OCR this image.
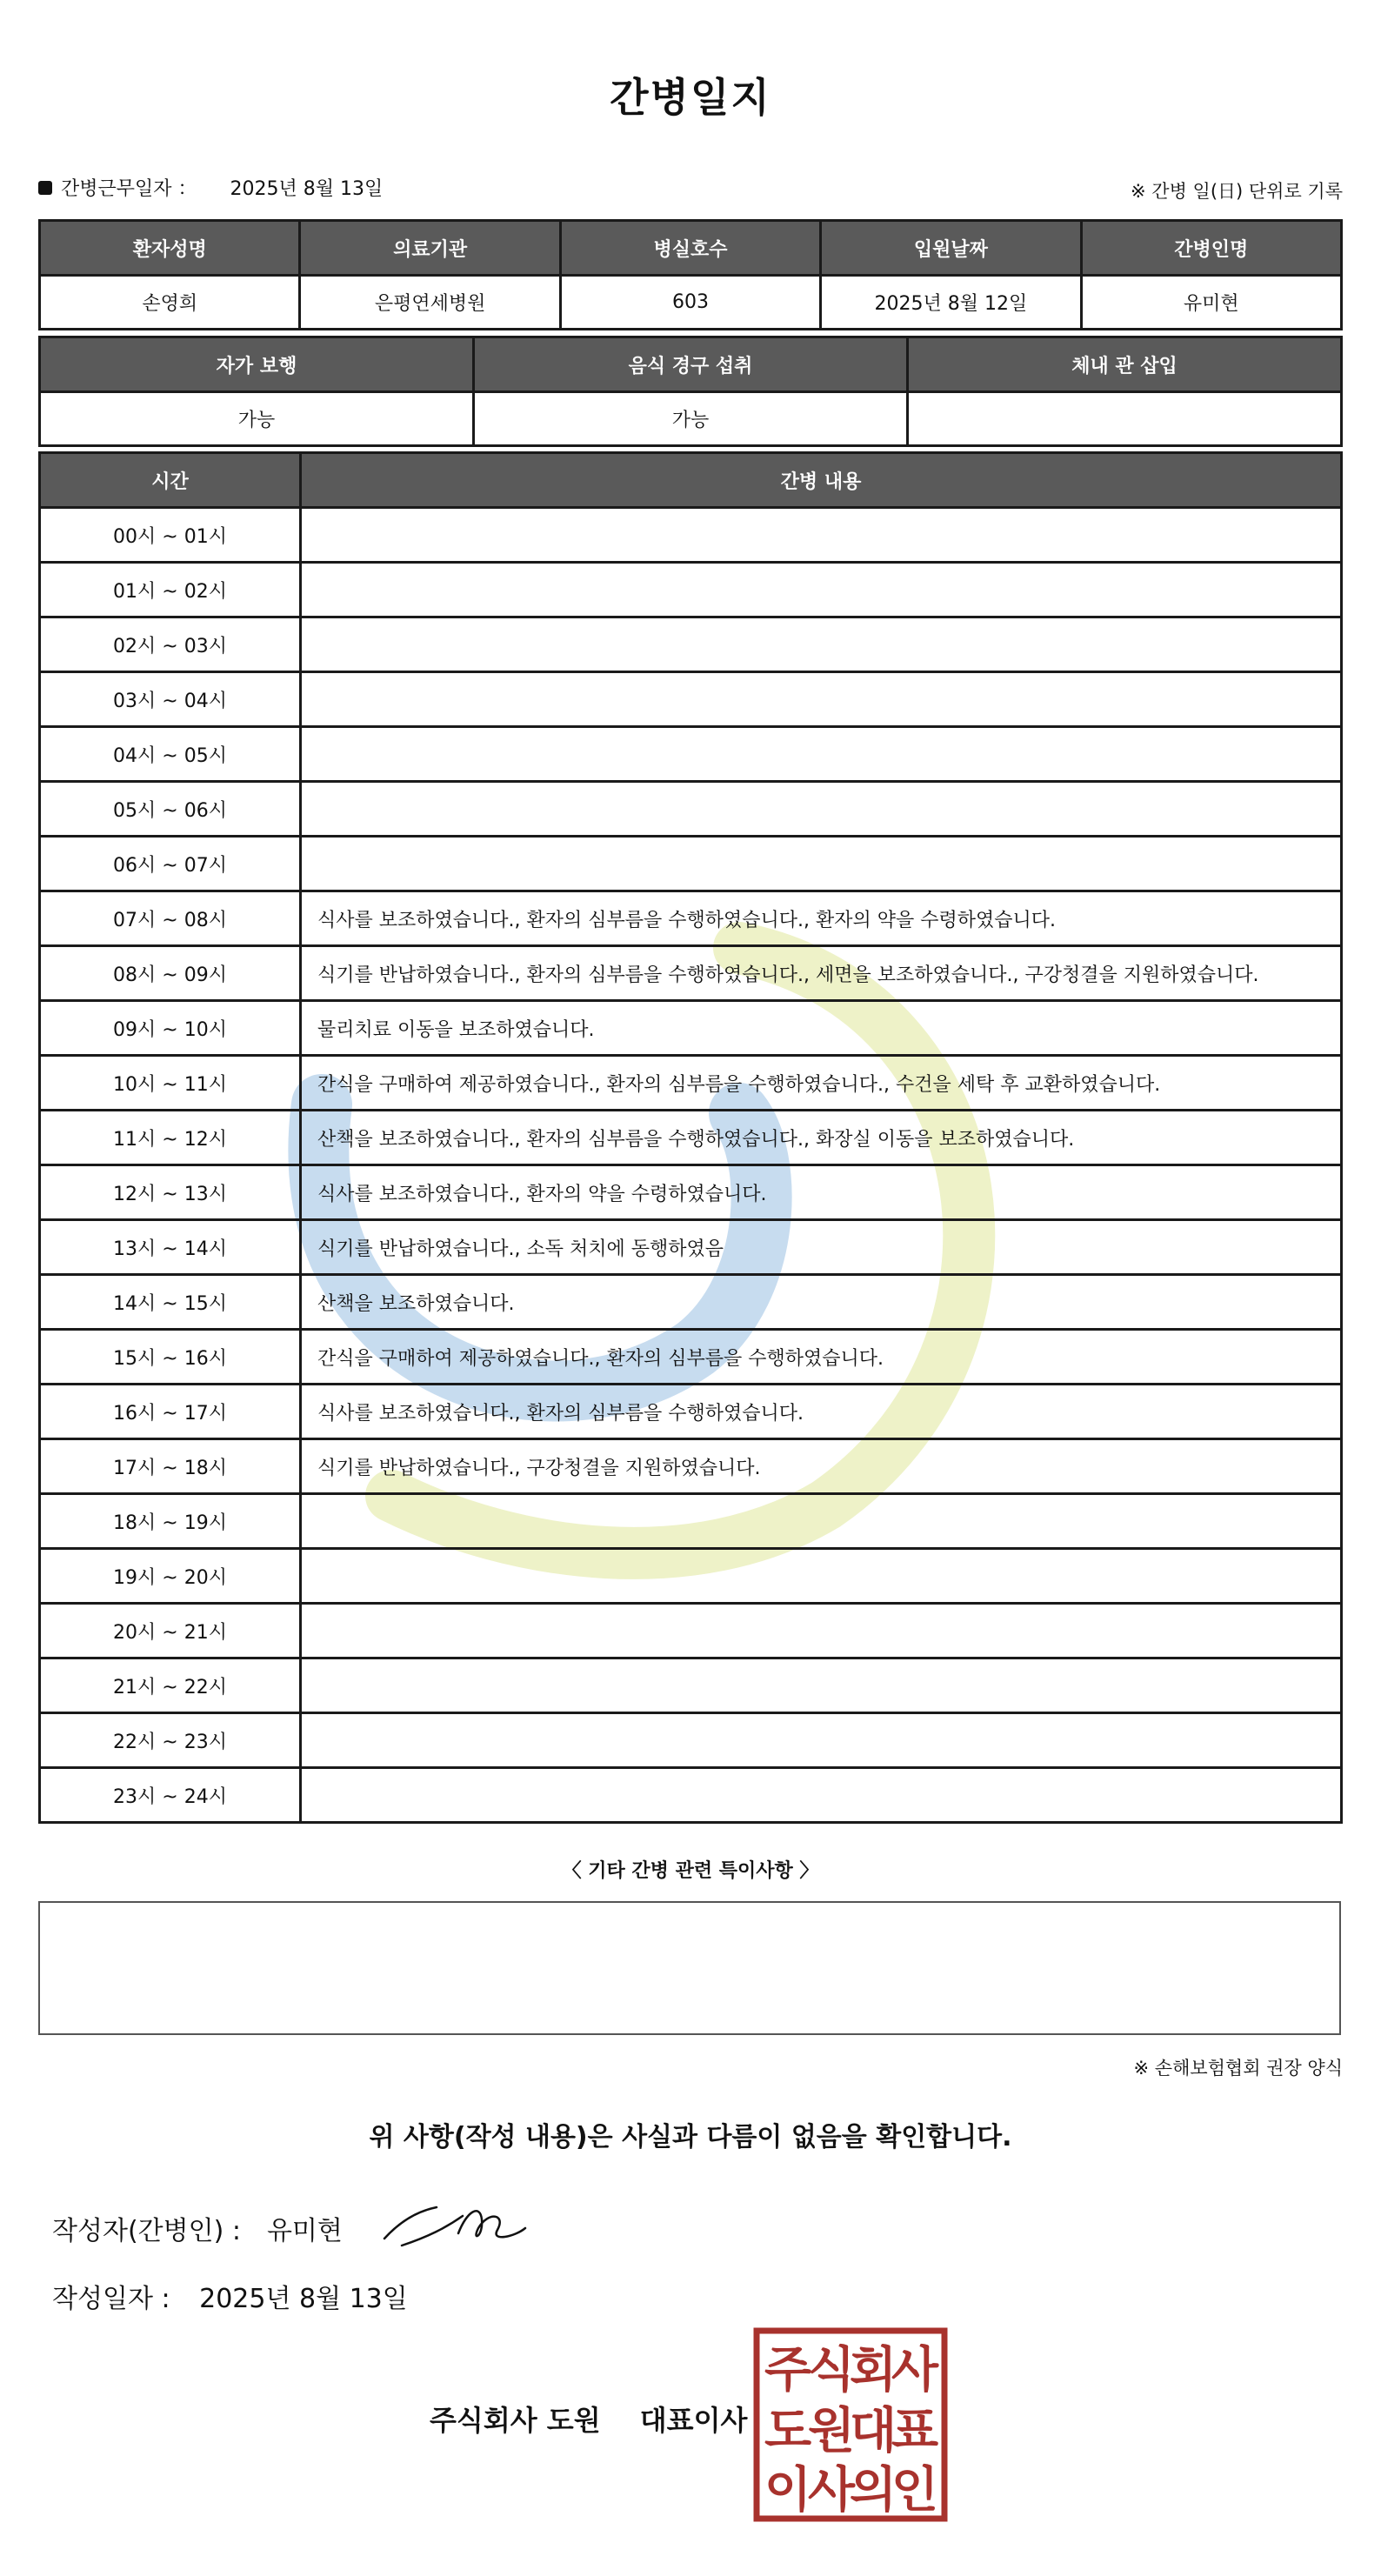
간병일지
간병근무일자 ： 2025년 8월 13일	※ 간병 일(日) 단위로 기록
환자성명	의료기관	병실호수	입원날짜	간병인명
손영희	은평연세병원	603	2025년 8월 12일	유미현
자가 보행	음식 경구 섭취	체내 관 삽입
가능	가능	
시간	간병 내용
00시 ~ 01시	
01시 ~ 02시	
02시 ~ 03시	
03시 ~ 04시	
04시 ~ 05시	
05시 ~ 06시	
06시 ~ 07시	
07시 ~ 08시	식사를 보조하였습니다., 환자의 심부름을 수행하였습니다., 환자의 약을 수령하였습니다.
08시 ~ 09시	식기를 반납하였습니다., 환자의 심부름을 수행하였습니다., 세면을 보조하였습니다., 구강청결을 지원하였습니다.
09시 ~ 10시	물리치료 이동을 보조하였습니다.
10시 ~ 11시	간식을 구매하여 제공하였습니다., 환자의 심부름을 수행하였습니다., 수건을 세탁 후 교환하였습니다.
11시 ~ 12시	산책을 보조하였습니다., 환자의 심부름을 수행하였습니다., 화장실 이동을 보조하였습니다.
12시 ~ 13시	식사를 보조하였습니다., 환자의 약을 수령하였습니다.
13시 ~ 14시	식기를 반납하였습니다., 소독 처치에 동행하였음
14시 ~ 15시	산책을 보조하였습니다.
15시 ~ 16시	간식을 구매하여 제공하였습니다., 환자의 심부름을 수행하였습니다.
16시 ~ 17시	식사를 보조하였습니다., 환자의 심부름을 수행하였습니다.
17시 ~ 18시	식기를 반납하였습니다., 구강청결을 지원하였습니다.
18시 ~ 19시	
19시 ~ 20시	
20시 ~ 21시	
21시 ~ 22시	
22시 ~ 23시	
23시 ~ 24시	
〈 기타 간병 관련 특이사항 〉
※ 손해보험협회 권장 양식
위 사항(작성 내용)은 사실과 다름이 없음을 확인합니다.
작성자(간병인) : 유미현
작성일자 : 2025년 8월 13일
주식회사 도원 대표이사
주
식
회
사
도
원
대
표
이
사
의
인
